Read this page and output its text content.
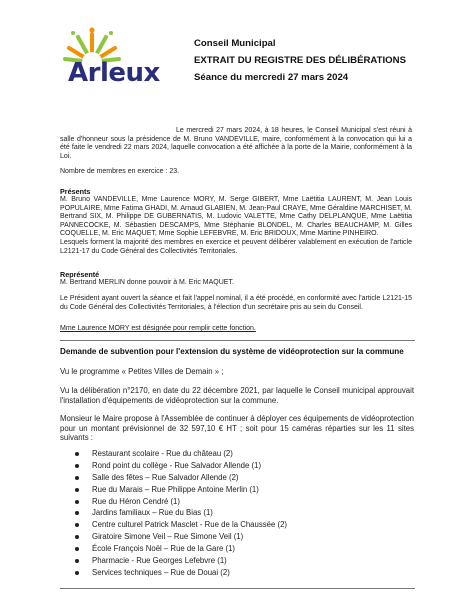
Arleux
Conseil Municipal
EXTRAIT DU REGISTRE DES DÉLIBÉRATIONS
Séance du mercredi 27 mars 2024

Le mercredi 27 mars 2024, à 18 heures, le Conseil Municipal s'est réuni à salle d'honneur sous la présidence de M. Bruno VANDEVILLE, maire, conformément à la convocation qui lui a été faite le vendredi 22 mars 2024, laquelle convocation a été affichée à la porte de la Mairie, conformément à la Loi.

Nombre de membres en exercice : 23.

Présents

M. Bruno VANDEVILLE, Mme Laurence MORY, M. Serge GIBERT, Mme Laëtitia LAURENT, M. Jean Louis POPULAIRE, Mme Fatima GHADI, M. Arnaud GLABIEN, M. Jean-Paul CRAYE, Mme Géraldine MARCHISET, M. Bertrand SIX, M. Philippe DE GUBERNATIS, M. Ludovic VALETTE, Mme Cathy DELPLANQUE, Mme Laëtitia PANNECOCKE, M. Sébastien DESCAMPS, Mme Stéphanie BLONDEL, M. Charles BEAUCHAMP, M. Gilles COQUELLE, M. Eric MAQUET, Mme Sophie LEFEBVRE, M. Eric BRIDOUX, Mme Martine PINHEIRO.

Lesquels forment la majorité des membres en exercice et peuvent délibérer valablement en exécution de l'article L2121-17 du Code Général des Collectivités Territoriales.

Représenté

M. Bertrand MERLIN donne pouvoir à M. Eric MAQUET.

Le Président ayant ouvert la séance et fait l'appel nominal, il a été procédé, en conformité avec l'article L2121-15 du Code Général des Collectivités Territoriales, à l'élection d'un secrétaire pris au sein du Conseil.

Mme Laurence MORY est désignée pour remplir cette fonction.

Demande de subvention pour l'extension du système de vidéoprotection sur la commune

Vu le programme « Petites Villes de Demain » ;

Vu la délibération n°2170, en date du 22 décembre 2021, par laquelle le Conseil municipal approuvait l'installation d'équipements de vidéoprotection sur la commune.

Monsieur le Maire propose à l'Assemblée de continuer à déployer ces équipements de vidéoprotection pour un montant prévisionnel de 32 597,10 € HT ; soit pour 15 caméras réparties sur les 11 sites suivants :

Restaurant scolaire - Rue du château (2)
Rond point du collège - Rue Salvador Allende (1)
Salle des fêtes – Rue Salvador Allende (2)
Rue du Marais – Rue Philippe Antoine Merlin (1)
Rue du Héron Cendré (1)
Jardins familiaux – Rue du Bias (1)
Centre culturel Patrick Masclet - Rue de la Chaussée (2)
Giratoire Simone Veil – Rue Simone Veil (1)
École François Noël – Rue de la Gare (1)
Pharmacie - Rue Georges Lefebvre (1)
Services techniques – Rue de Douai (2)
